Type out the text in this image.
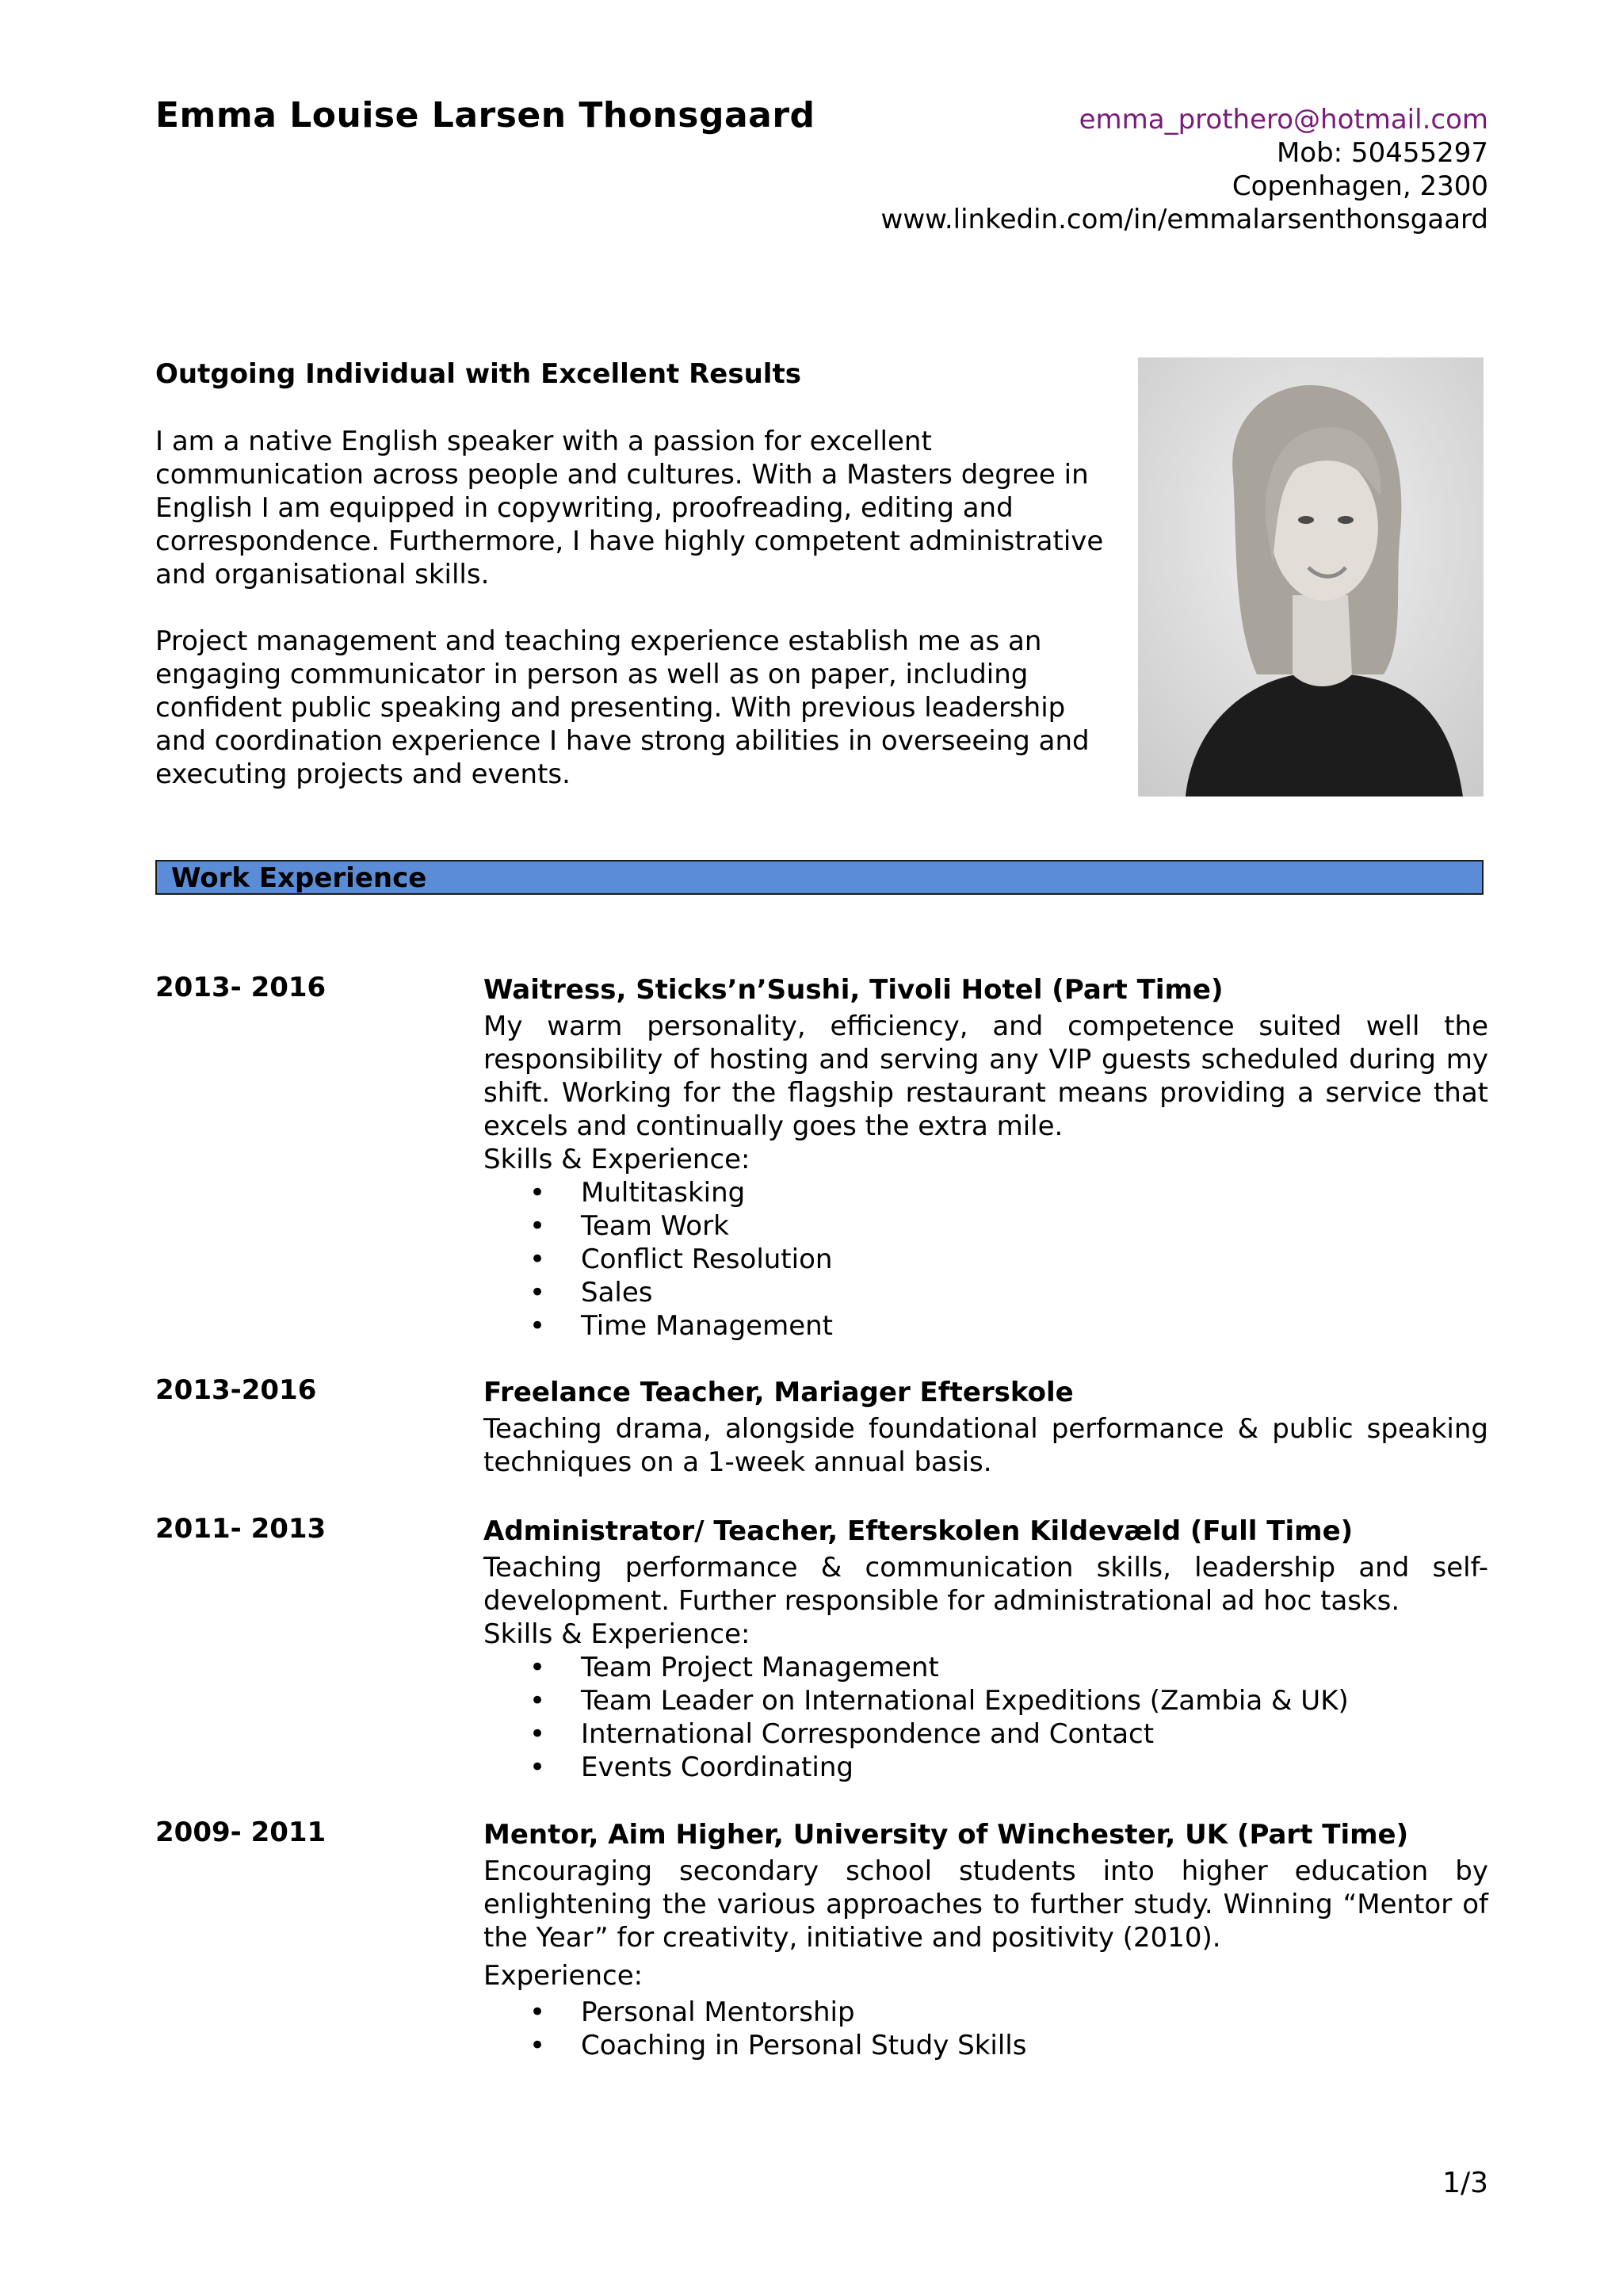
Emma Louise Larsen Thonsgaard	emma_prothero@hotmail.com
Mob: 50455297
Copenhagen, 2300
www.linkedin.com/in/emmalarsenthonsgaard
Outgoing Individual with Excellent Results

I am a native English speaker with a passion for excellent communication across people and cultures. With a Masters degree in English I am equipped in copywriting, proofreading, editing and correspondence. Furthermore, I have highly competent administrative and organisational skills.

Project management and teaching experience establish me as an engaging communicator in person as well as on paper, including confident public speaking and presenting. With previous leadership and coordination experience I have strong abilities in overseeing and executing projects and events.

Work Experience
2013- 2016	Waitress, Sticks’n’Sushi, Tivoli Hotel (Part Time)

My warm personality, efficiency, and competence suited well the responsibility of hosting and serving any VIP guests scheduled during my shift. Working for the flagship restaurant means providing a service that excels and continually goes the extra mile.

Skills & Experience:

• Multitasking
• Team Work
• Conflict Resolution
• Sales
• Time Management
2013-2016	Freelance Teacher, Mariager Efterskole

Teaching drama, alongside foundational performance & public speaking techniques on a 1-week annual basis.

2011- 2013	Administrator/ Teacher, Efterskolen Kildevæld (Full Time)

Teaching performance & communication skills, leadership and self-development. Further responsible for administrational ad hoc tasks.

Skills & Experience:

• Team Project Management
• Team Leader on International Expeditions (Zambia & UK)
• International Correspondence and Contact
• Events Coordinating
2009- 2011	Mentor, Aim Higher, University of Winchester, UK (Part Time)

Encouraging secondary school students into higher education by enlightening the various approaches to further study. Winning “Mentor of the Year” for creativity, initiative and positivity (2010).

Experience:

• Personal Mentorship
• Coaching in Personal Study Skills
1/3
